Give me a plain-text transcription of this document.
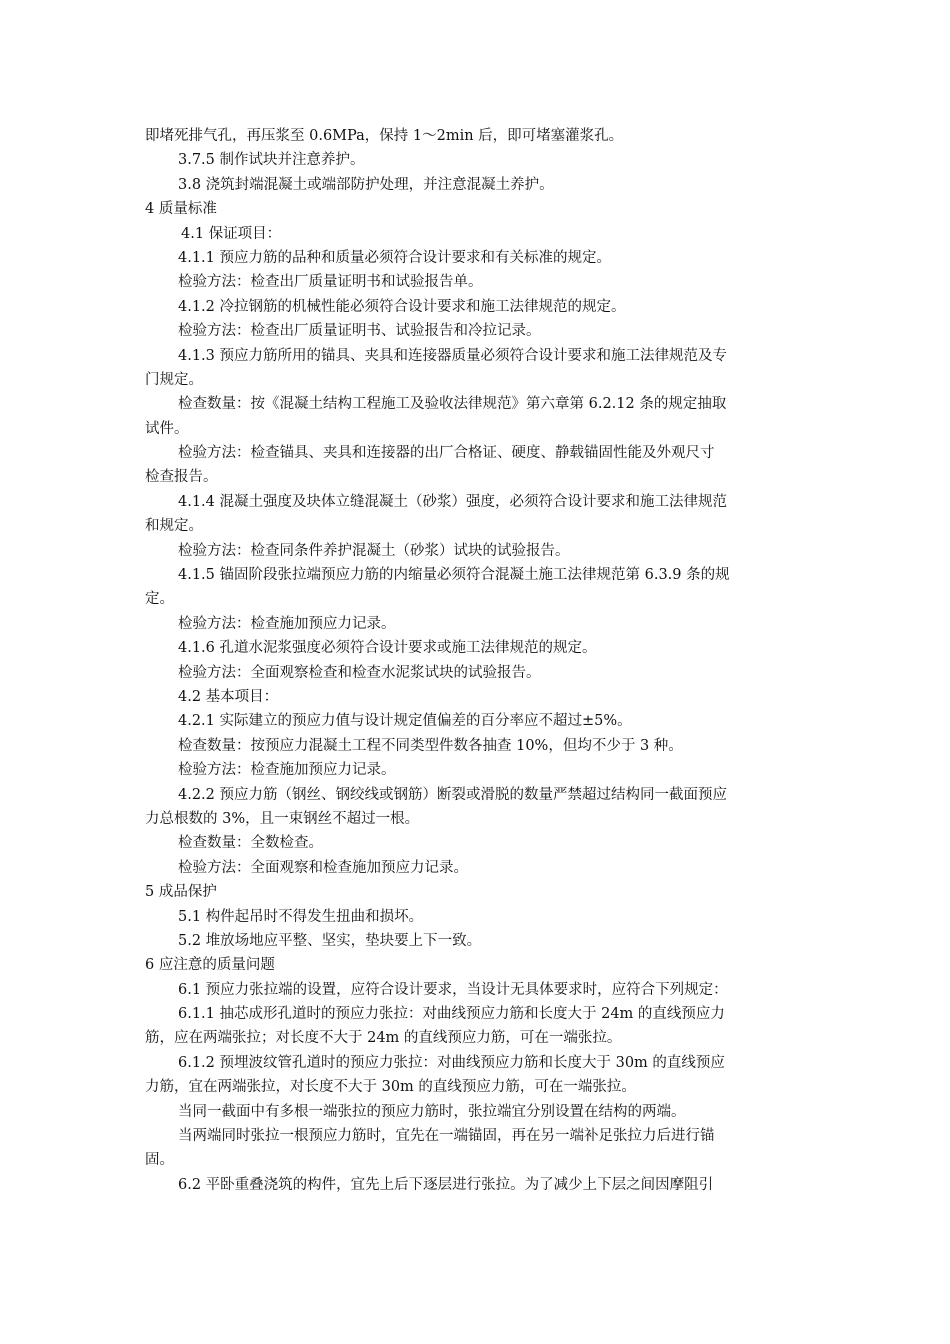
即堵死排气孔，再压浆至 0.6MPa，保持 1～2min 后，即可堵塞灌浆孔。
3.7.5 制作试块并注意养护。
3.8 浇筑封端混凝土或端部防护处理，并注意混凝土养护。
4 质量标准
4.1 保证项目：
4.1.1 预应力筋的品种和质量必须符合设计要求和有关标准的规定。
检验方法：检查出厂质量证明书和试验报告单。
4.1.2 冷拉钢筋的机械性能必须符合设计要求和施工法律规范的规定。
检验方法：检查出厂质量证明书、试验报告和冷拉记录。
4.1.3 预应力筋所用的锚具、夹具和连接器质量必须符合设计要求和施工法律规范及专
门规定。
检查数量：按《混凝土结构工程施工及验收法律规范》第六章第 6.2.12 条的规定抽取
试件。
检验方法：检查锚具、夹具和连接器的出厂合格证、硬度、静载锚固性能及外观尺寸
检查报告。
4.1.4 混凝土强度及块体立缝混凝土（砂浆）强度，必须符合设计要求和施工法律规范
和规定。
检验方法：检查同条件养护混凝土（砂浆）试块的试验报告。
4.1.5 锚固阶段张拉端预应力筋的内缩量必须符合混凝土施工法律规范第 6.3.9 条的规
定。
检验方法：检查施加预应力记录。
4.1.6 孔道水泥浆强度必须符合设计要求或施工法律规范的规定。
检验方法：全面观察检查和检查水泥浆试块的试验报告。
4.2 基本项目：
4.2.1 实际建立的预应力值与设计规定值偏差的百分率应不超过±5%。
检查数量：按预应力混凝土工程不同类型件数各抽查 10%，但均不少于 3 种。
检验方法：检查施加预应力记录。
4.2.2 预应力筋（钢丝、钢绞线或钢筋）断裂或滑脱的数量严禁超过结构同一截面预应
力总根数的 3%，且一束钢丝不超过一根。
检查数量：全数检查。
检验方法：全面观察和检查施加预应力记录。
5 成品保护
5.1 构件起吊时不得发生扭曲和损坏。
5.2 堆放场地应平整、坚实，垫块要上下一致。
6 应注意的质量问题
6.1 预应力张拉端的设置，应符合设计要求，当设计无具体要求时，应符合下列规定：
6.1.1 抽芯成形孔道时的预应力张拉：对曲线预应力筋和长度大于 24m 的直线预应力
筋，应在两端张拉；对长度不大于 24m 的直线预应力筋，可在一端张拉。
6.1.2 预埋波纹管孔道时的预应力张拉：对曲线预应力筋和长度大于 30m 的直线预应
力筋，宜在两端张拉，对长度不大于 30m 的直线预应力筋，可在一端张拉。
当同一截面中有多根一端张拉的预应力筋时，张拉端宜分别设置在结构的两端。
当两端同时张拉一根预应力筋时，宜先在一端锚固，再在另一端补足张拉力后进行锚
固。
6.2 平卧重叠浇筑的构件，宜先上后下逐层进行张拉。为了减少上下层之间因摩阻引
